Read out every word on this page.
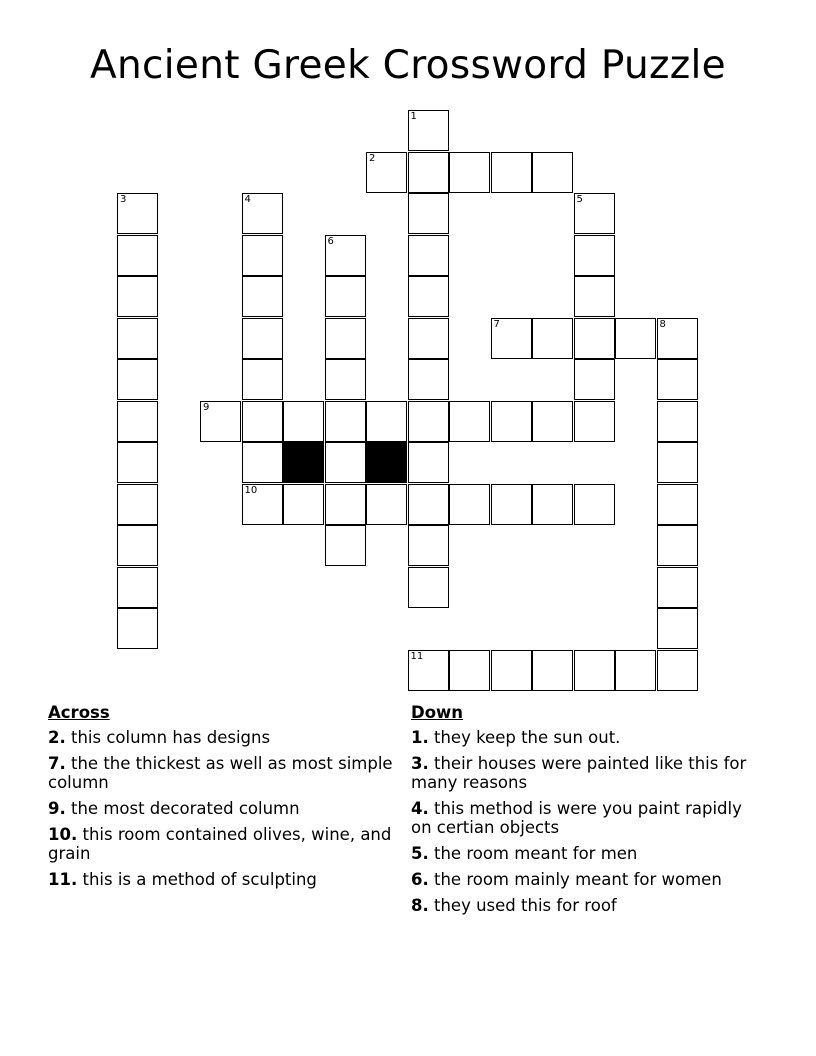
Ancient Greek Crossword Puzzle
1
2
3	4	5
6
7	8
9
10
11
Across
2. this column has designs
7. the the thickest as well as most simple column
9. the most decorated column
10. this room contained olives, wine, and grain
11. this is a method of sculpting
Down
1. they keep the sun out.
3. their houses were painted like this for many reasons
4. this method is were you paint rapidly on certian objects
5. the room meant for men
6. the room mainly meant for women
8. they used this for roof
